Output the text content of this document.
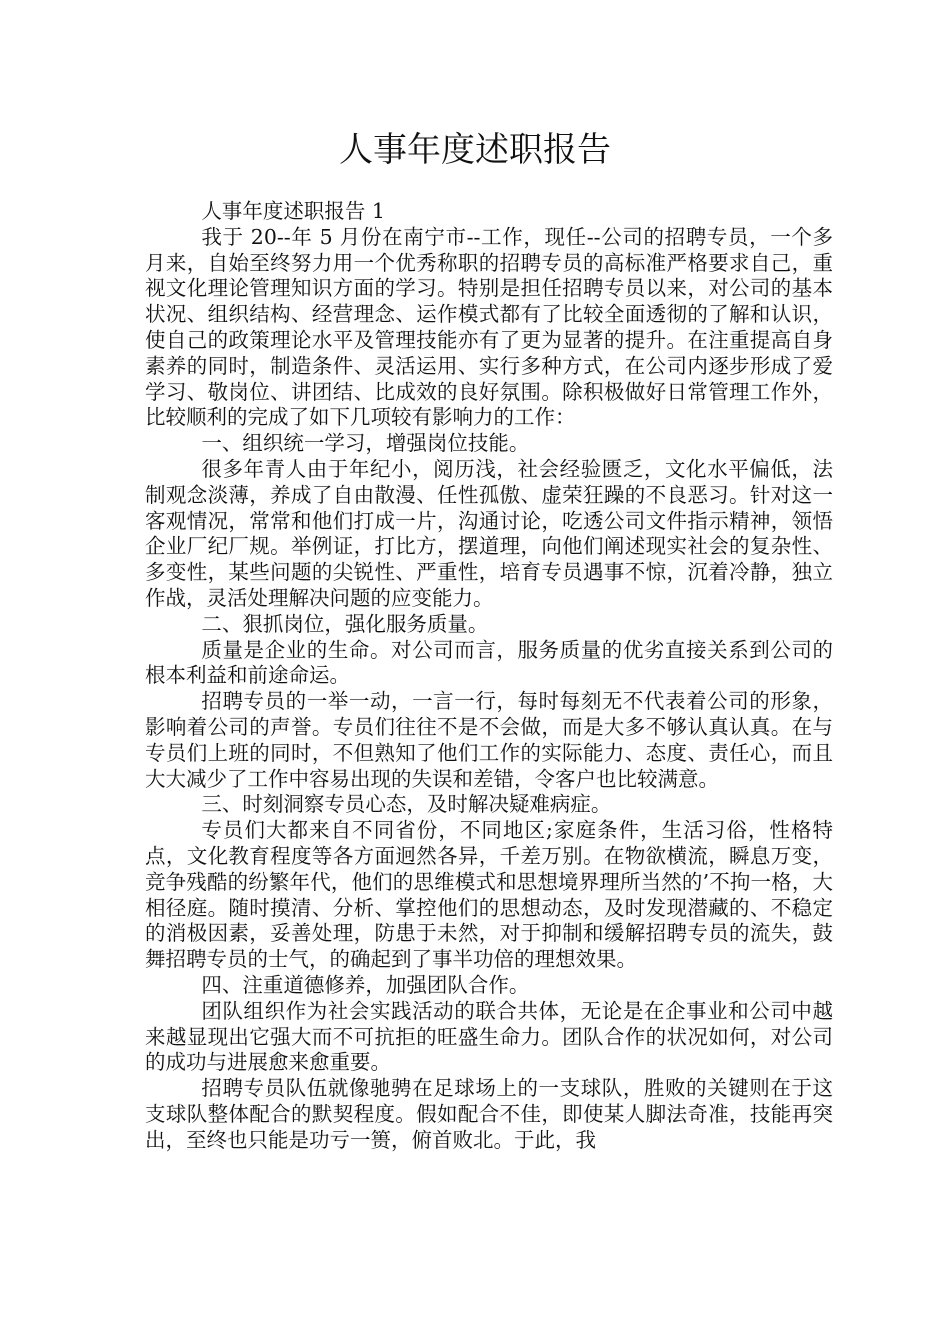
人事年度述职报告

人事年度述职报告 1

我于 20--年 5 月份在南宁市--工作，现任--公司的招聘专员，一个多月来，自始至终努力用一个优秀称职的招聘专员的高标准严格要求自己，重视文化理论管理知识方面的学习。特别是担任招聘专员以来，对公司的基本状况、组织结构、经营理念、运作模式都有了比较全面透彻的了解和认识，使自己的政策理论水平及管理技能亦有了更为显著的提升。在注重提高自身素养的同时，制造条件、灵活运用、实行多种方式，在公司内逐步形成了爱学习、敬岗位、讲团结、比成效的良好氛围。除积极做好日常管理工作外，比较顺利的完成了如下几项较有影响力的工作：

一、组织统一学习，增强岗位技能。

很多年青人由于年纪小，阅历浅，社会经验匮乏，文化水平偏低，法制观念淡薄，养成了自由散漫、任性孤傲、虚荣狂躁的不良恶习。针对这一客观情况，常常和他们打成一片，沟通讨论，吃透公司文件指示精神，领悟企业厂纪厂规。举例证，打比方，摆道理，向他们阐述现实社会的复杂性、多变性，某些问题的尖锐性、严重性，培育专员遇事不惊，沉着冷静，独立作战，灵活处理解决问题的应变能力。

二、狠抓岗位，强化服务质量。

质量是企业的生命。对公司而言，服务质量的优劣直接关系到公司的根本利益和前途命运。

招聘专员的一举一动，一言一行，每时每刻无不代表着公司的形象，影响着公司的声誉。专员们往往不是不会做，而是大多不够认真认真。在与专员们上班的同时，不但熟知了他们工作的实际能力、态度、责任心，而且大大减少了工作中容易出现的失误和差错，令客户也比较满意。

三、时刻洞察专员心态，及时解决疑难病症。

专员们大都来自不同省份，不同地区;家庭条件，生活习俗，性格特点，文化教育程度等各方面迥然各异，千差万别。在物欲横流，瞬息万变，竞争残酷的纷繁年代，他们的思维模式和思想境界理所当然的’不拘一格，大相径庭。随时摸清、分析、掌控他们的思想动态，及时发现潜藏的、不稳定的消极因素，妥善处理，防患于未然，对于抑制和缓解招聘专员的流失，鼓舞招聘专员的士气，的确起到了事半功倍的理想效果。

四、注重道德修养，加强团队合作。

团队组织作为社会实践活动的联合共体，无论是在企事业和公司中越来越显现出它强大而不可抗拒的旺盛生命力。团队合作的状况如何，对公司的成功与进展愈来愈重要。

招聘专员队伍就像驰骋在足球场上的一支球队，胜败的关键则在于这支球队整体配合的默契程度。假如配合不佳，即使某人脚法奇准，技能再突出，至终也只能是功亏一篑，俯首败北。于此，我
